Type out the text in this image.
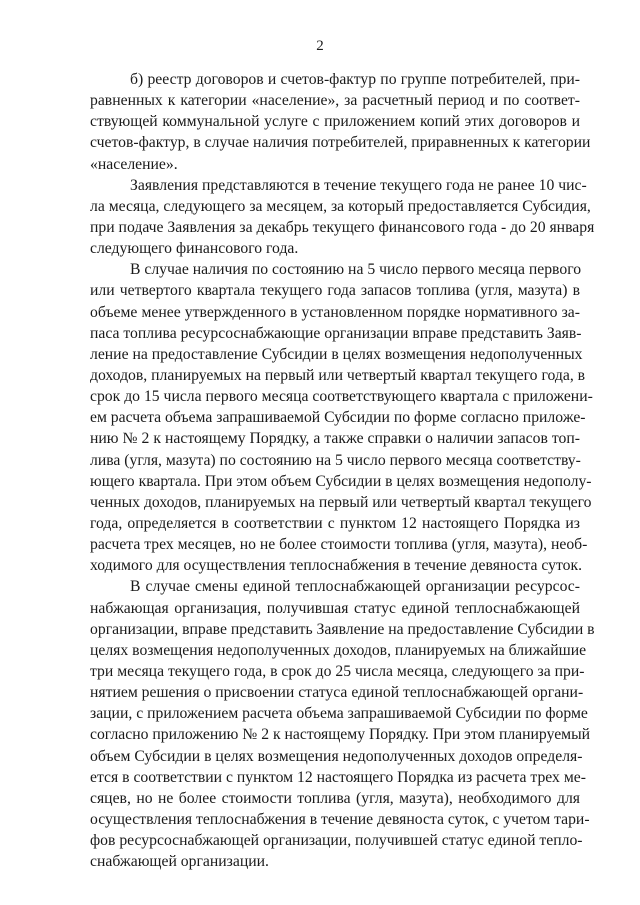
2
б) реестр договоров и счетов-фактур по группе потребителей, при-
равненных к категории «население», за расчетный период и по соответ-
ствующей коммунальной услуге с приложением копий этих договоров и
счетов-фактур, в случае наличия потребителей, приравненных к категории
«население».
Заявления представляются в течение текущего года не ранее 10 чис-
ла месяца, следующего за месяцем, за который предоставляется Субсидия,
при подаче Заявления за декабрь текущего финансового года - до 20 января
следующего финансового года.
В случае наличия по состоянию на 5 число первого месяца первого
или четвертого квартала текущего года запасов топлива (угля, мазута) в
объеме менее утвержденного в установленном порядке нормативного за-
паса топлива ресурсоснабжающие организации вправе представить Заяв-
ление на предоставление Субсидии в целях возмещения недополученных
доходов, планируемых на первый или четвертый квартал текущего года, в
срок до 15 числа первого месяца соответствующего квартала с приложени-
ем расчета объема запрашиваемой Субсидии по форме согласно приложе-
нию № 2 к настоящему Порядку, а также справки о наличии запасов топ-
лива (угля, мазута) по состоянию на 5 число первого месяца соответству-
ющего квартала. При этом объем Субсидии в целях возмещения недополу-
ченных доходов, планируемых на первый или четвертый квартал текущего
года, определяется в соответствии с пунктом 12 настоящего Порядка из
расчета трех месяцев, но не более стоимости топлива (угля, мазута), необ-
ходимого для осуществления теплоснабжения в течение девяноста суток.
В случае смены единой теплоснабжающей организации ресурсос-
набжающая организация, получившая статус единой теплоснабжающей
организации, вправе представить Заявление на предоставление Субсидии в
целях возмещения недополученных доходов, планируемых на ближайшие
три месяца текущего года, в срок до 25 числа месяца, следующего за при-
нятием решения о присвоении статуса единой теплоснабжающей органи-
зации, с приложением расчета объема запрашиваемой Субсидии по форме
согласно приложению № 2 к настоящему Порядку. При этом планируемый
объем Субсидии в целях возмещения недополученных доходов определя-
ется в соответствии с пунктом 12 настоящего Порядка из расчета трех ме-
сяцев, но не более стоимости топлива (угля, мазута), необходимого для
осуществления теплоснабжения в течение девяноста суток, с учетом тари-
фов ресурсоснабжающей организации, получившей статус единой тепло-
снабжающей организации.
